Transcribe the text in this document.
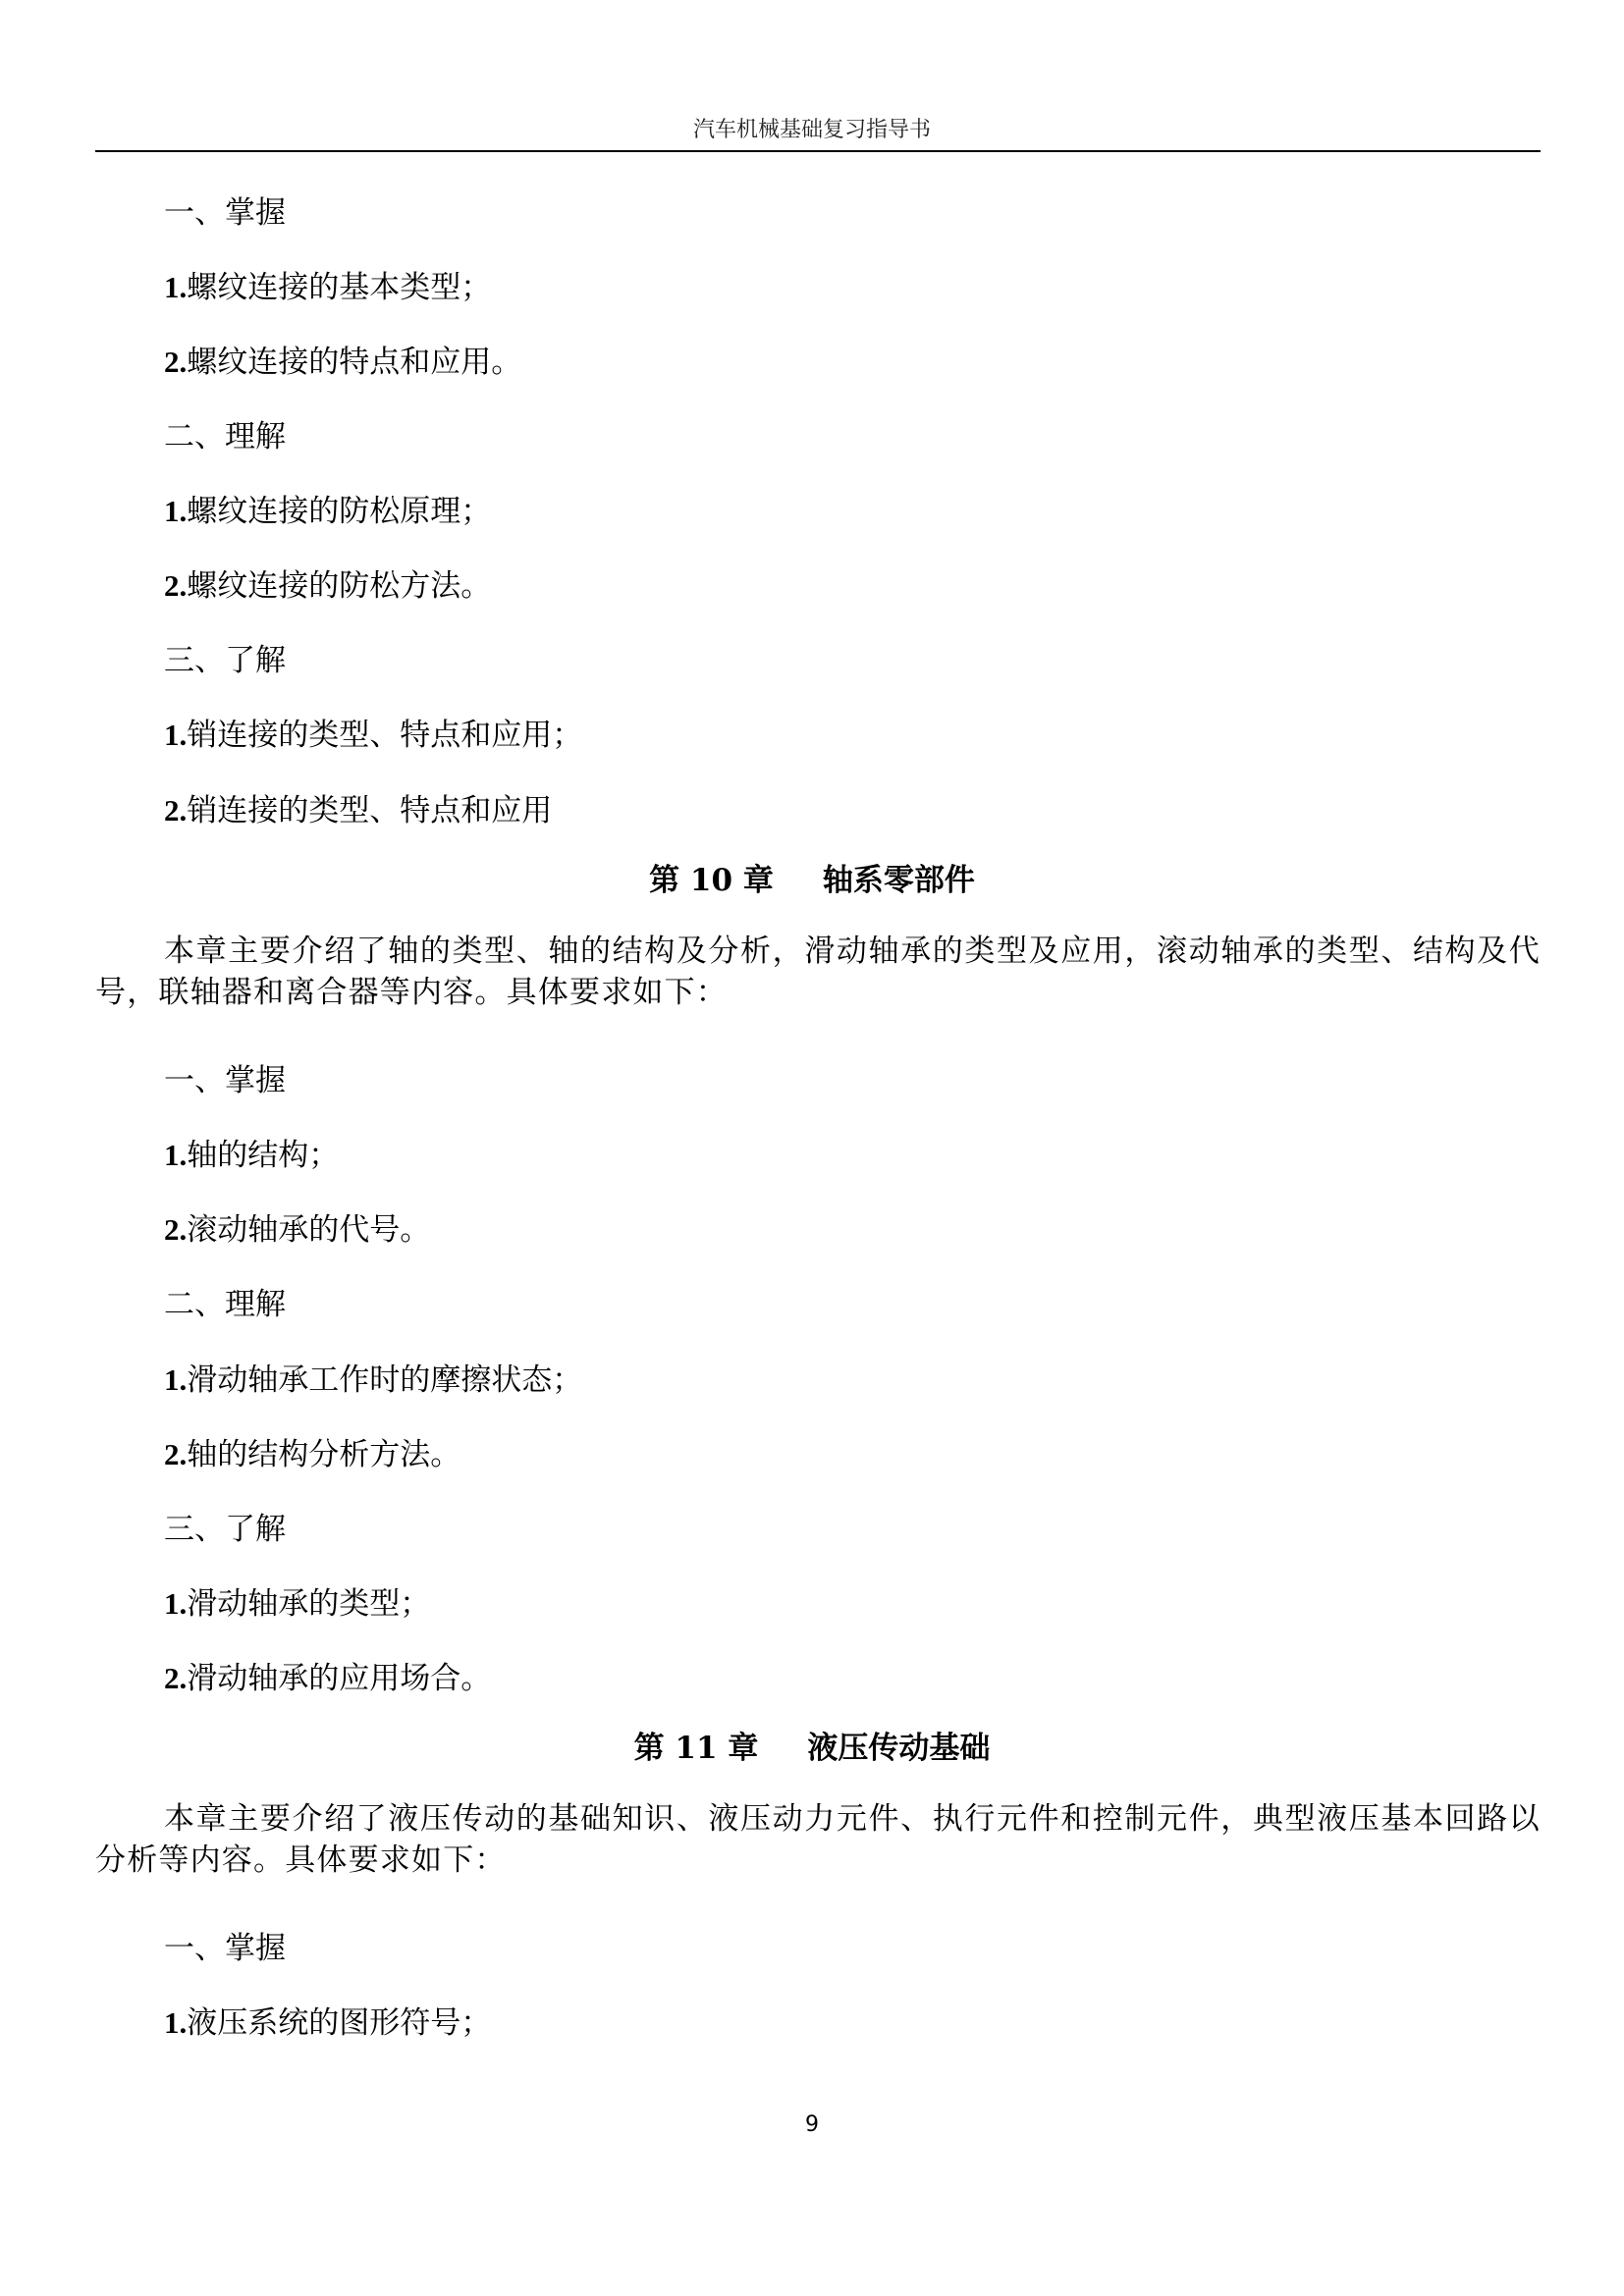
汽车机械基础复习指导书
一、掌握
1.螺纹连接的基本类型；
2.螺纹连接的特点和应用。
二、理解
1.螺纹连接的防松原理；
2.螺纹连接的防松方法。
三、了解
1.销连接的类型、特点和应用；
2.销连接的类型、特点和应用
第 10 章 轴系零部件
本章主要介绍了轴的类型、轴的结构及分析，滑动轴承的类型及应用，滚动轴承的类型、结构及代号，联轴器和离合器等内容。具体要求如下：
一、掌握
1.轴的结构；
2.滚动轴承的代号。
二、理解
1.滑动轴承工作时的摩擦状态；
2.轴的结构分析方法。
三、了解
1.滑动轴承的类型；
2.滑动轴承的应用场合。
第 11 章 液压传动基础
本章主要介绍了液压传动的基础知识、液压动力元件、执行元件和控制元件，典型液压基本回路以分析等内容。具体要求如下：
一、掌握
1.液压系统的图形符号；
9
